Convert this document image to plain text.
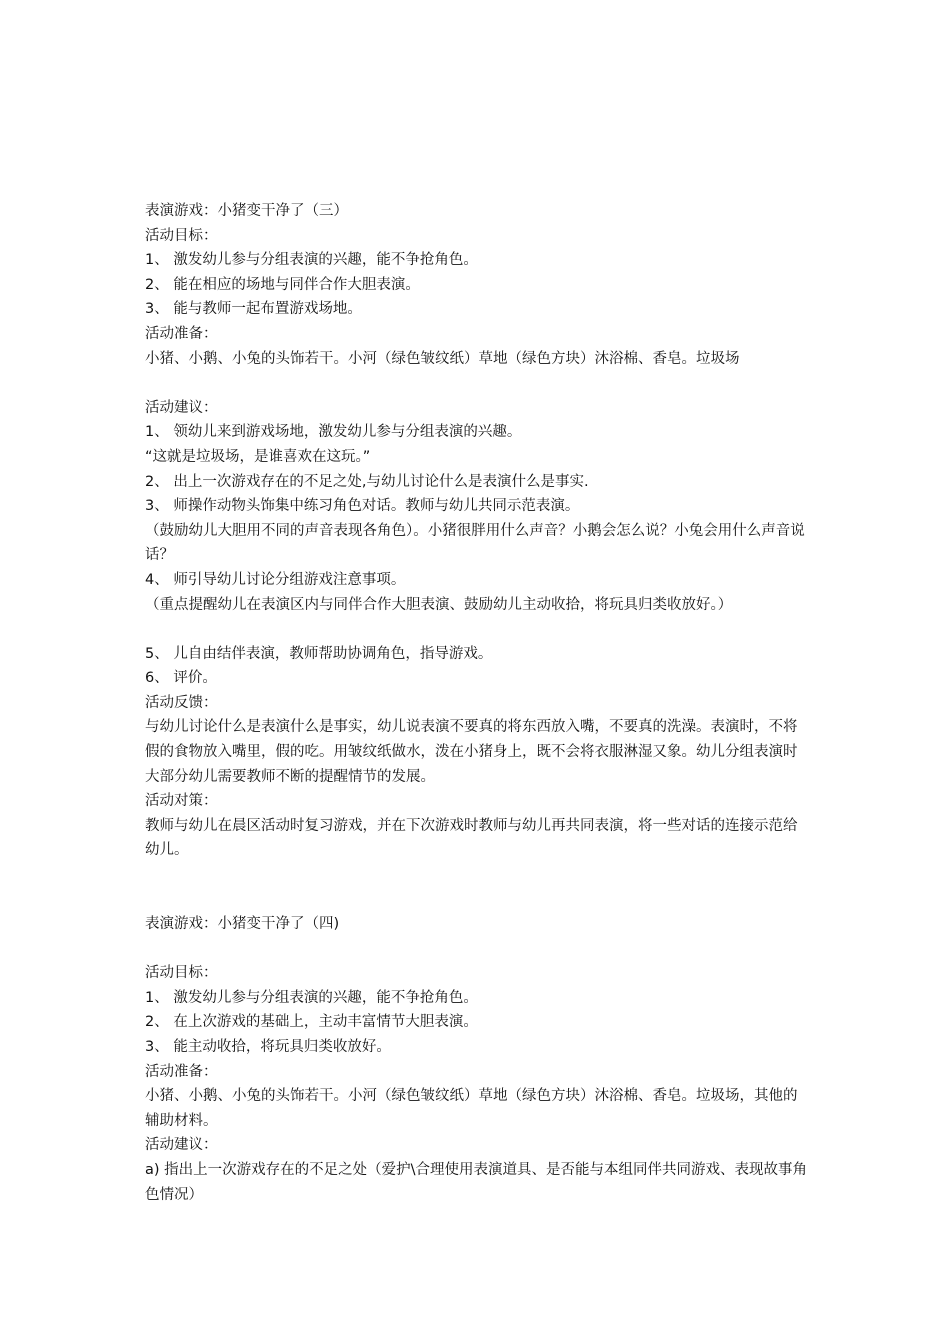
表演游戏：小猪变干净了（三）
活动目标：
1、 激发幼儿参与分组表演的兴趣，能不争抢角色。
2、 能在相应的场地与同伴合作大胆表演。
3、 能与教师一起布置游戏场地。
活动准备：
小猪、小鹅、小兔的头饰若干。小河（绿色皱纹纸）草地（绿色方块）沐浴棉、香皂。垃圾场
活动建议：
1、 领幼儿来到游戏场地，激发幼儿参与分组表演的兴趣。
“这就是垃圾场，是谁喜欢在这玩。”
2、 出上一次游戏存在的不足之处,与幼儿讨论什么是表演什么是事实.
3、 师操作动物头饰集中练习角色对话。教师与幼儿共同示范表演。
（鼓励幼儿大胆用不同的声音表现各角色）。小猪很胖用什么声音？小鹅会怎么说？小兔会用什么声音说话？
4、 师引导幼儿讨论分组游戏注意事项。
（重点提醒幼儿在表演区内与同伴合作大胆表演、鼓励幼儿主动收拾，将玩具归类收放好。）
5、 儿自由结伴表演，教师帮助协调角色，指导游戏。
6、 评价。
活动反馈：
与幼儿讨论什么是表演什么是事实，幼儿说表演不要真的将东西放入嘴，不要真的洗澡。表演时，不将假的食物放入嘴里，假的吃。用皱纹纸做水，泼在小猪身上，既不会将衣服淋湿又象。幼儿分组表演时大部分幼儿需要教师不断的提醒情节的发展。
活动对策：
教师与幼儿在晨区活动时复习游戏，并在下次游戏时教师与幼儿再共同表演，将一些对话的连接示范给幼儿。
表演游戏：小猪变干净了（四)
活动目标：
1、 激发幼儿参与分组表演的兴趣，能不争抢角色。
2、 在上次游戏的基础上，主动丰富情节大胆表演。
3、 能主动收拾，将玩具归类收放好。
活动准备：
小猪、小鹅、小兔的头饰若干。小河（绿色皱纹纸）草地（绿色方块）沐浴棉、香皂。垃圾场，其他的辅助材料。
活动建议：
a) 指出上一次游戏存在的不足之处（爱护\合理使用表演道具、是否能与本组同伴共同游戏、表现故事角色情况）
